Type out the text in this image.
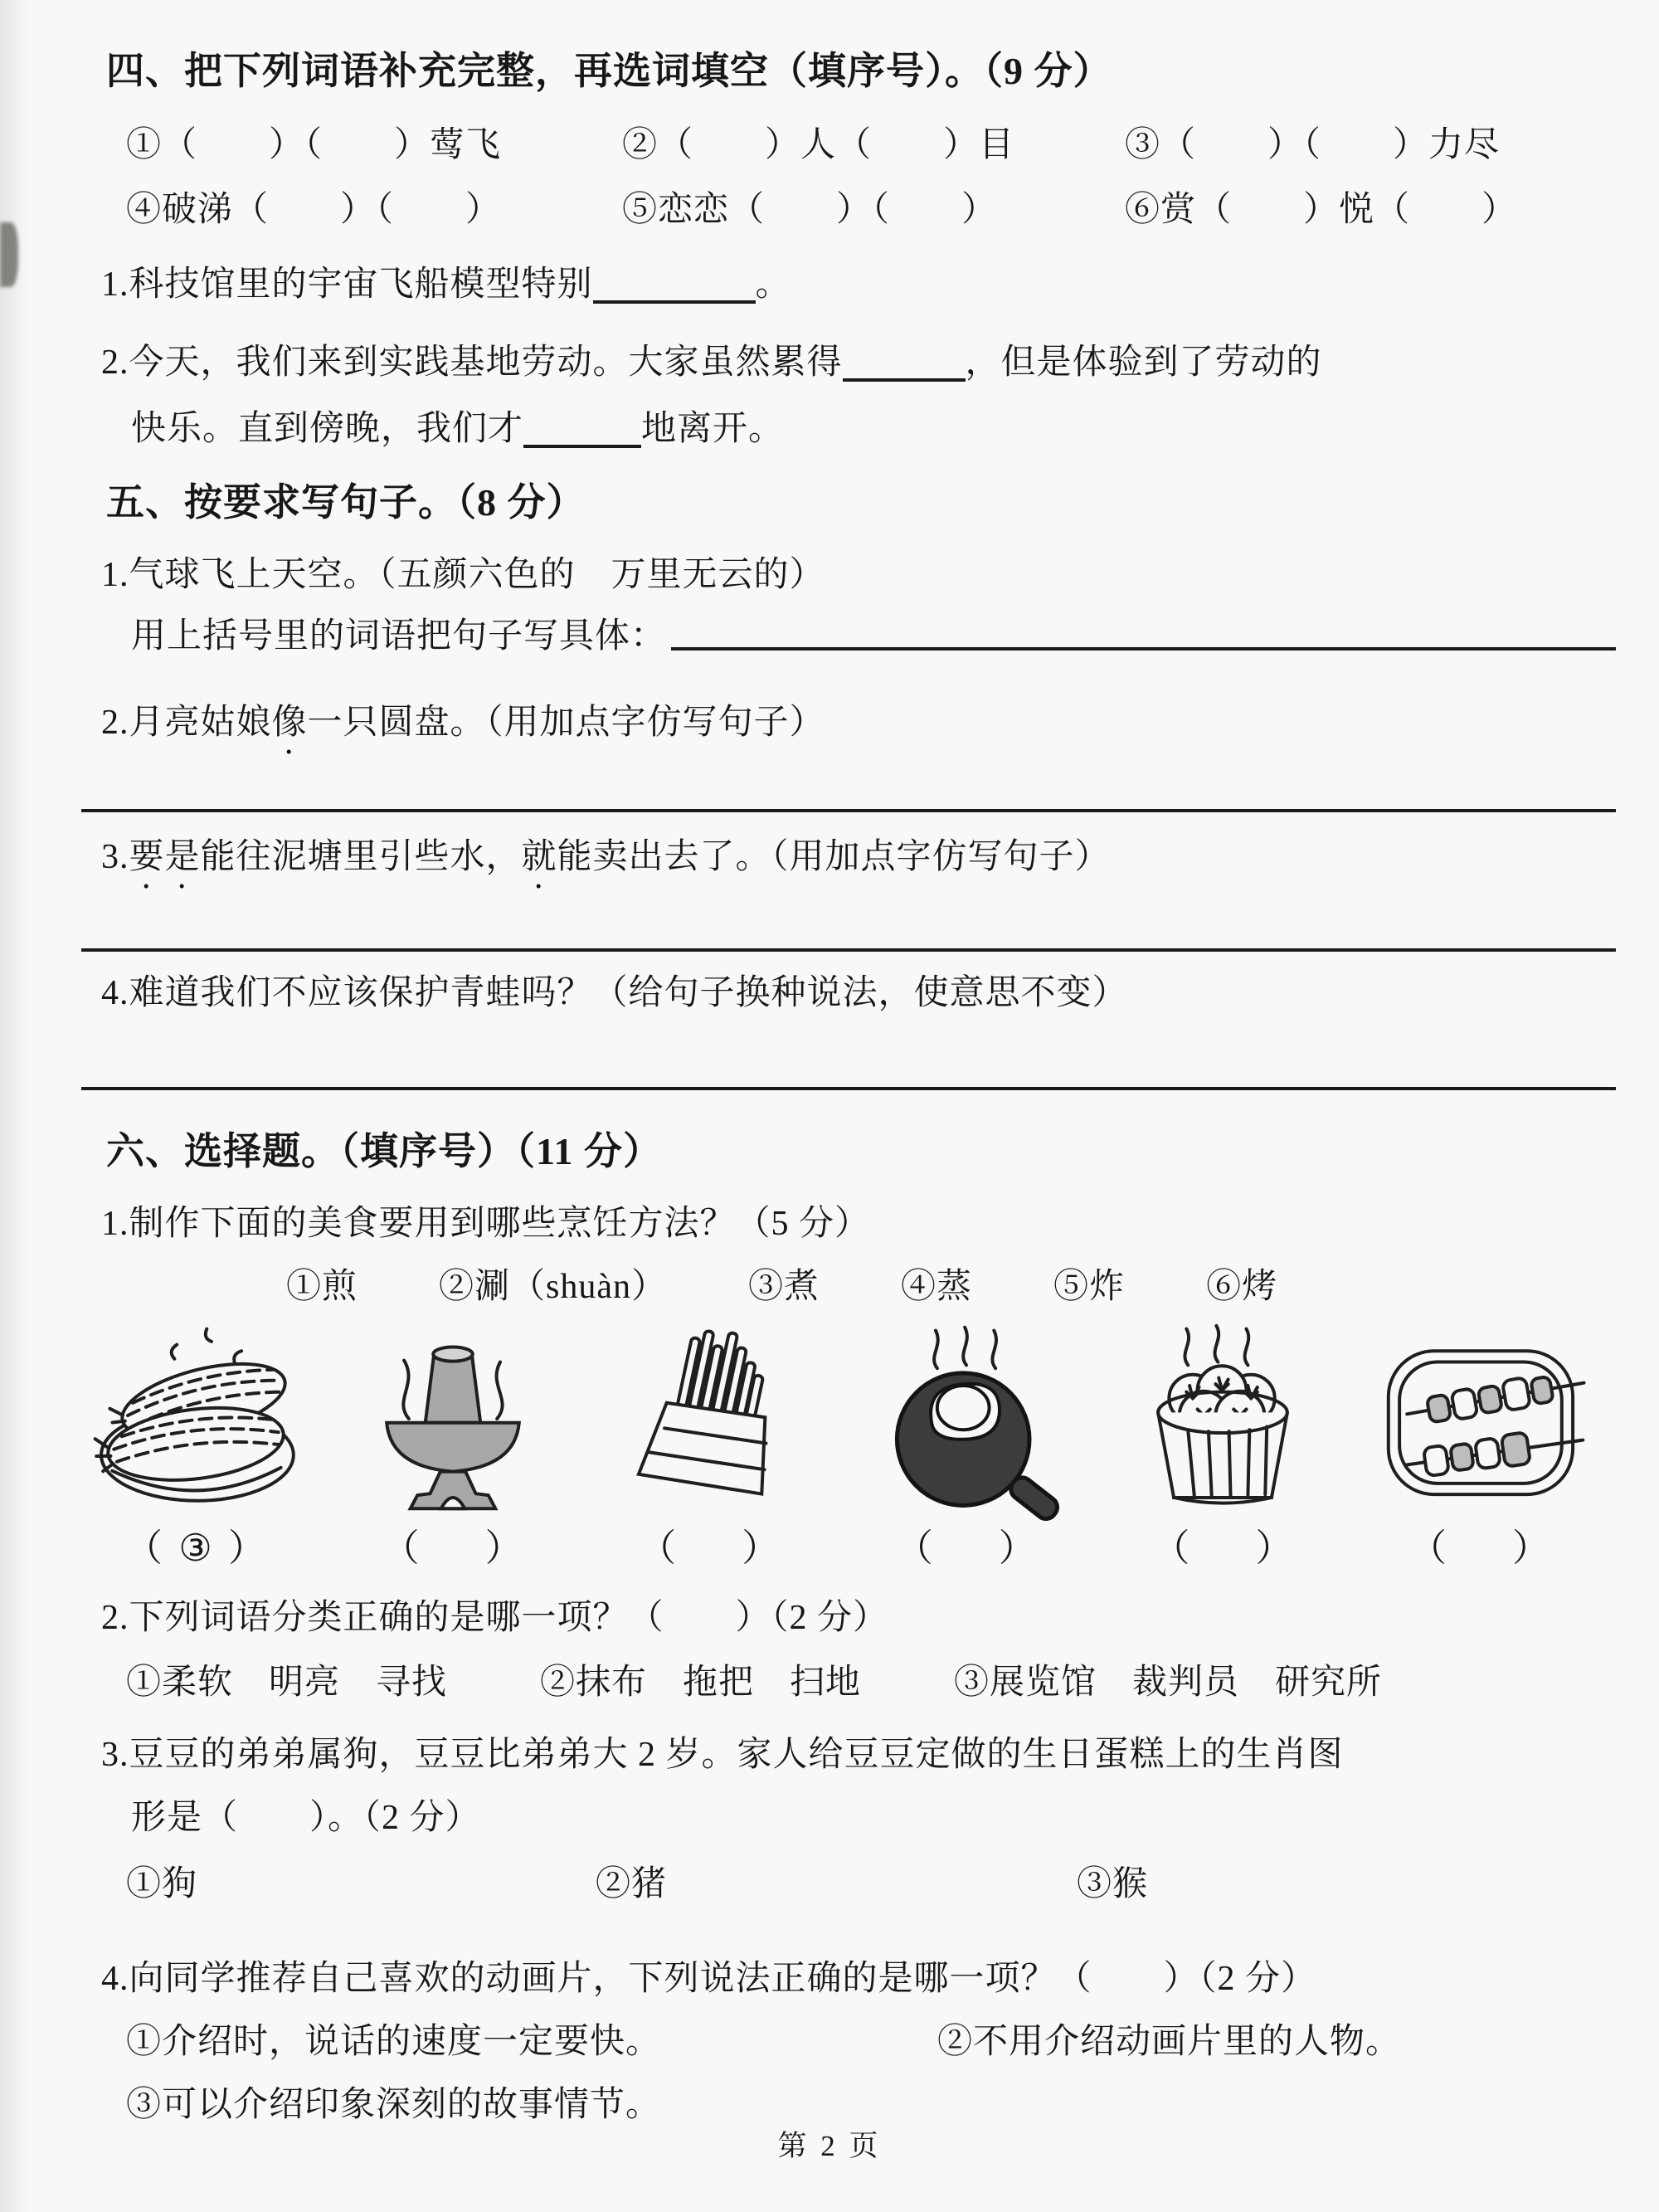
四、把下列词语补充完整，再选词填空（填序号）。（9 分）
①（　　）（　　）莺飞	②（　　）人（　　）目	③（　　）（　　）力尽
④破涕（　　）（　　）	⑤恋恋（　　）（　　）	⑥赏（　　）悦（　　）
1.科技馆里的宇宙飞船模型特别	。
2.今天，我们来到实践基地劳动。大家虽然累得	，但是体验到了劳动的
快乐。直到傍晚，我们才	地离开。
五、按要求写句子。（8 分）
1.气球飞上天空。（五颜六色的　万里无云的）
用上括号里的词语把句子写具体：
2.月亮姑娘像一只圆盘。（用加点字仿写句子）
3.要是能往泥塘里引些水，就能卖出去了。（用加点字仿写句子）
4.难道我们不应该保护青蛙吗？（给句子换种说法，使意思不变）
六、选择题。（填序号）（11 分）
1.制作下面的美食要用到哪些烹饪方法？（5 分）
①煎 ②涮（shuàn） ③煮 ④蒸 ⑤炸 ⑥烤
（ ③ ）	（ ）	（ ）	（ ）	（ ）	（ ）
2.下列词语分类正确的是哪一项？（　　）（2 分）
①柔软　明亮　寻找	②抹布　拖把　扫地	③展览馆　裁判员　研究所
3.豆豆的弟弟属狗，豆豆比弟弟大 2 岁。家人给豆豆定做的生日蛋糕上的生肖图
形是（　　）。（2 分）
①狗	②猪	③猴
4.向同学推荐自己喜欢的动画片，下列说法正确的是哪一项？（　　）（2 分）
①介绍时，说话的速度一定要快。	②不用介绍动画片里的人物。
③可以介绍印象深刻的故事情节。
第 2 页
